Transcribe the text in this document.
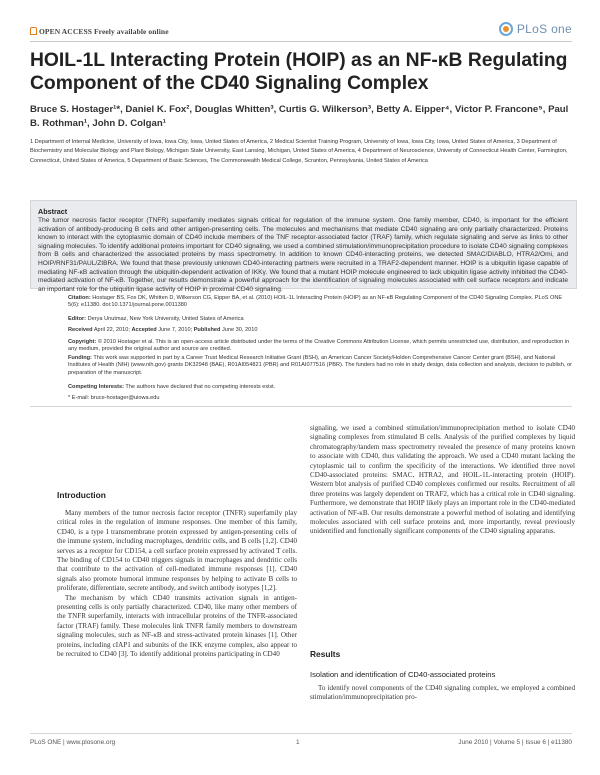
OPEN ACCESS Freely available online	PLoS one
HOIL-1L Interacting Protein (HOIP) as an NF-κB Regulating Component of the CD40 Signaling Complex
Bruce S. Hostager¹*, Daniel K. Fox², Douglas Whitten³, Curtis G. Wilkerson³, Betty A. Eipper⁴, Victor P. Francone⁵, Paul B. Rothman¹, John D. Colgan¹
1 Department of Internal Medicine, University of Iowa, Iowa City, Iowa, United States of America, 2 Medical Scientist Training Program, University of Iowa, Iowa City, Iowa, United States of America, 3 Department of Biochemistry and Molecular Biology and Plant Biology, Michigan State University, East Lansing, Michigan, United States of America, 4 Department of Neuroscience, University of Connecticut Health Center, Farmington, Connecticut, United States of America, 5 Department of Basic Sciences, The Commonwealth Medical College, Scranton, Pennsylvania, United States of America
Abstract
The tumor necrosis factor receptor (TNFR) superfamily mediates signals critical for regulation of the immune system. One family member, CD40, is important for the efficient activation of antibody-producing B cells and other antigen-presenting cells. The molecules and mechanisms that mediate CD40 signaling are only partially characterized. Proteins known to interact with the cytoplasmic domain of CD40 include members of the TNF receptor-associated factor (TRAF) family, which regulate signaling and serve as links to other signaling molecules. To identify additional proteins important for CD40 signaling, we used a combined stimulation/immunoprecipitation procedure to isolate CD40 signaling complexes from B cells and characterized the associated proteins by mass spectrometry. In addition to known CD40-interacting proteins, we detected SMAC/DIABLO, HTRA2/Omi, and HOIP/RNF31/PAUL/ZIBRA. We found that these previously unknown CD40-interacting partners were recruited in a TRAF2-dependent manner. HOIP is a ubiquitin ligase capable of mediating NF-κB activation through the ubiquitin-dependent activation of IKKγ. We found that a mutant HOIP molecule engineered to lack ubiquitin ligase activity inhibited the CD40-mediated activation of NF-κB. Together, our results demonstrate a powerful approach for the identification of signaling molecules associated with cell surface receptors and indicate an important role for the ubiquitin ligase activity of HOIP in proximal CD40 signaling.
Citation: Hostager BS, Fox DK, Whitten D, Wilkerson CG, Eipper BA, et al. (2010) HOIL-1L Interacting Protein (HOIP) as an NF-κB Regulating Component of the CD40 Signaling Complex. PLoS ONE 5(6): e11380. doi:10.1371/journal.pone.0011380
Editor: Derya Unutmaz, New York University, United States of America
Received April 22, 2010; Accepted June 7, 2010; Published June 30, 2010
Copyright: © 2010 Hostager et al. This is an open-access article distributed under the terms of the Creative Commons Attribution License, which permits unrestricted use, distribution, and reproduction in any medium, provided the original author and source are credited.
Funding: This work was supported in part by a Career Trust Medical Research Initiative Grant (BSH), an American Cancer Society/Holden Comprehensive Cancer Center grant (BSH), and National Institutes of Health (NIH) (www.nih.gov) grants DK32948 (BAE), R01AI054821 (PBR) and R01AI077516 (PBR). The funders had no role in study design, data collection and analysis, decision to publish, or preparation of the manuscript.
Competing Interests: The authors have declared that no competing interests exist.
* E-mail: bruce-hostager@uiowa.edu
Introduction

Many members of the tumor necrosis factor receptor (TNFR) superfamily play critical roles in the regulation of immune responses. One member of this family, CD40, is a type I transmembrane protein expressed by antigen-presenting cells of the immune system, including macrophages, dendritic cells, and B cells [1,2]. CD40 serves as a receptor for CD154, a cell surface protein expressed by activated T cells. The binding of CD154 to CD40 triggers signals in macrophages and dendritic cells that contribute to the activation of cell-mediated immune responses [1]. CD40 signals also promote humoral immune responses by helping to activate B cells to proliferate, differentiate, secrete antibody, and switch antibody isotypes [1,2].

The mechanism by which CD40 transmits activation signals in antigen-presenting cells is only partially characterized. CD40, like many other members of the TNFR superfamily, interacts with intracellular proteins of the TNFR-associated factor (TRAF) family. These molecules link TNFR family members to downstream signaling molecules, such as NF-κB and stress-activated protein kinases [1]. Other proteins, including cIAP1 and subunits of the IKK enzyme complex, also appear to be recruited to CD40 [3]. To identify additional proteins participating in CD40

signaling, we used a combined stimulation/immunoprecipitation method to isolate CD40 signaling complexes from stimulated B cells. Analysis of the purified complexes by liquid chromatography/tandem mass spectrometry revealed the presence of many proteins known to associate with CD40, thus validating the approach. We used a CD40 mutant lacking the cytoplasmic tail to confirm the specificity of the interactions. We identified three novel CD40-associated proteins: SMAC, HTRA2, and HOIL-1L-interacting protein (HOIP). Western blot analysis of purified CD40 complexes confirmed our results. Recruitment of all three proteins was largely dependent on TRAF2, which has a critical role in CD40 signaling. Furthermore, we demonstrate that HOIP likely plays an important role in the CD40-mediated activation of NF-κB. Our results demonstrate a powerful method of isolating and identifying molecules associated with cell surface proteins and, more importantly, reveal previously unidentified and functionally significant components of the CD40 signaling apparatus.

Results
Isolation and identification of CD40-associated proteins

To identify novel components of the CD40 signaling complex, we employed a combined stimulation/immunoprecipitation pro-

PLoS ONE | www.plosone.org	1	June 2010 | Volume 5 | Issue 6 | e11380
